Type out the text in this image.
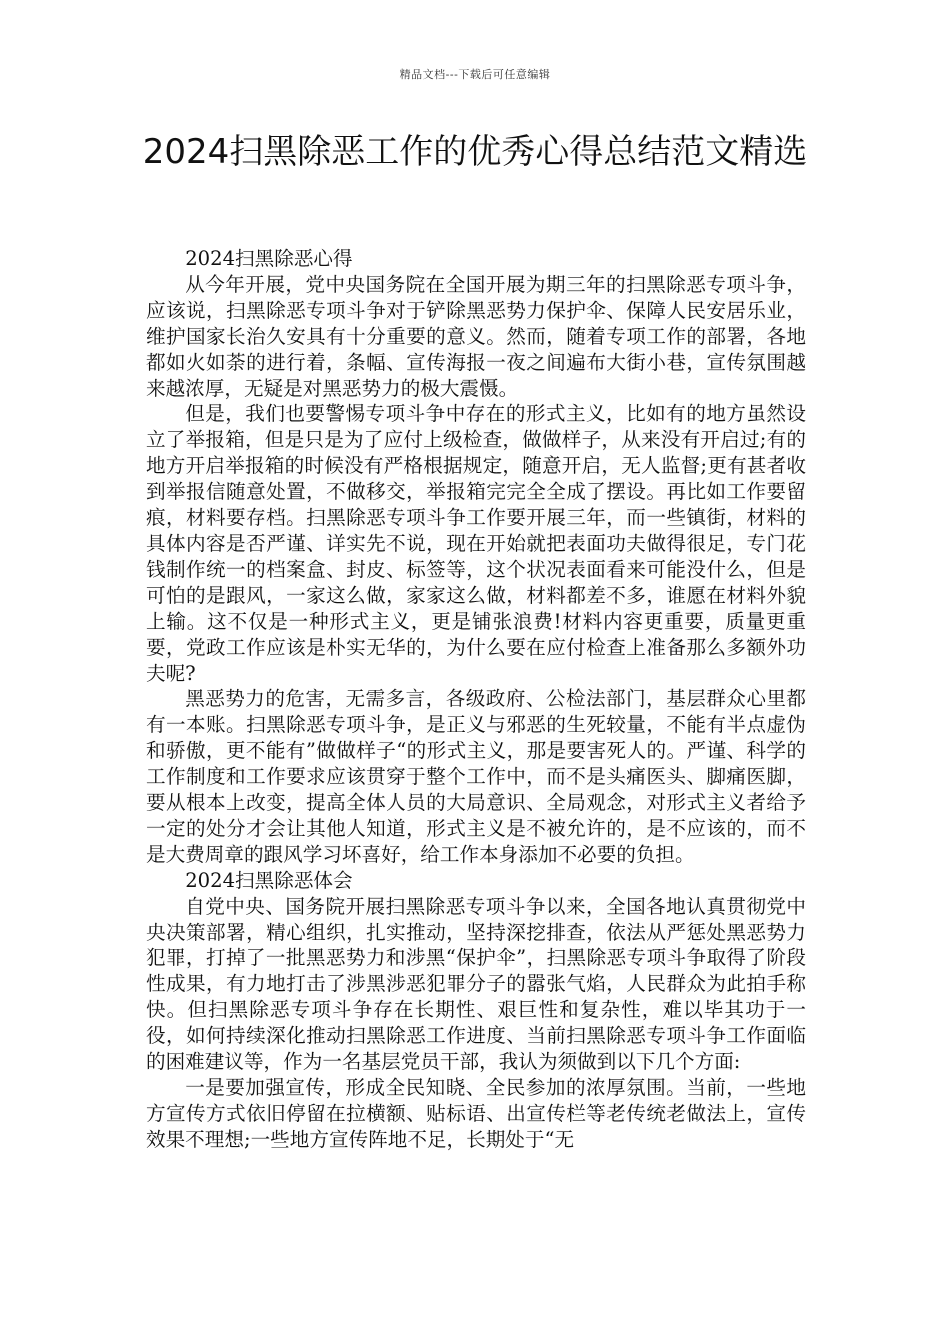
精品文档---下载后可任意编辑
2024扫黑除恶工作的优秀心得总结范文精选

2024扫黑除恶心得

从今年开展，党中央国务院在全国开展为期三年的扫黑除恶专项斗争，应该说，扫黑除恶专项斗争对于铲除黑恶势力保护伞、保障人民安居乐业，维护国家长治久安具有十分重要的意义。然而，随着专项工作的部署，各地都如火如荼的进行着，条幅、宣传海报一夜之间遍布大街小巷，宣传氛围越来越浓厚，无疑是对黑恶势力的极大震慑。

但是，我们也要警惕专项斗争中存在的形式主义，比如有的地方虽然设立了举报箱，但是只是为了应付上级检查，做做样子，从来没有开启过;有的地方开启举报箱的时候没有严格根据规定，随意开启，无人监督;更有甚者收到举报信随意处置，不做移交，举报箱完完全全成了摆设。再比如工作要留痕，材料要存档。扫黑除恶专项斗争工作要开展三年，而一些镇街，材料的具体内容是否严谨、详实先不说，现在开始就把表面功夫做得很足，专门花钱制作统一的档案盒、封皮、标签等，这个状况表面看来可能没什么，但是可怕的是跟风，一家这么做，家家这么做，材料都差不多，谁愿在材料外貌上输。这不仅是一种形式主义，更是铺张浪费!材料内容更重要，质量更重要，党政工作应该是朴实无华的，为什么要在应付检查上准备那么多额外功夫呢?

黑恶势力的危害，无需多言，各级政府、公检法部门，基层群众心里都有一本账。扫黑除恶专项斗争，是正义与邪恶的生死较量，不能有半点虚伪和骄傲，更不能有”做做样子“的形式主义，那是要害死人的。严谨、科学的工作制度和工作要求应该贯穿于整个工作中，而不是头痛医头、脚痛医脚，要从根本上改变，提高全体人员的大局意识、全局观念，对形式主义者给予一定的处分才会让其他人知道，形式主义是不被允许的，是不应该的，而不是大费周章的跟风学习坏喜好，给工作本身添加不必要的负担。

2024扫黑除恶体会

自党中央、国务院开展扫黑除恶专项斗争以来，全国各地认真贯彻党中央决策部署，精心组织，扎实推动，坚持深挖排查，依法从严惩处黑恶势力犯罪，打掉了一批黑恶势力和涉黑“保护伞”，扫黑除恶专项斗争取得了阶段性成果，有力地打击了涉黑涉恶犯罪分子的嚣张气焰，人民群众为此拍手称快。但扫黑除恶专项斗争存在长期性、艰巨性和复杂性，难以毕其功于一役，如何持续深化推动扫黑除恶工作进度、当前扫黑除恶专项斗争工作面临的困难建议等，作为一名基层党员干部，我认为须做到以下几个方面:

一是要加强宣传，形成全民知晓、全民参加的浓厚氛围。当前，一些地方宣传方式依旧停留在拉横额、贴标语、出宣传栏等老传统老做法上，宣传效果不理想;一些地方宣传阵地不足，长期处于“无
